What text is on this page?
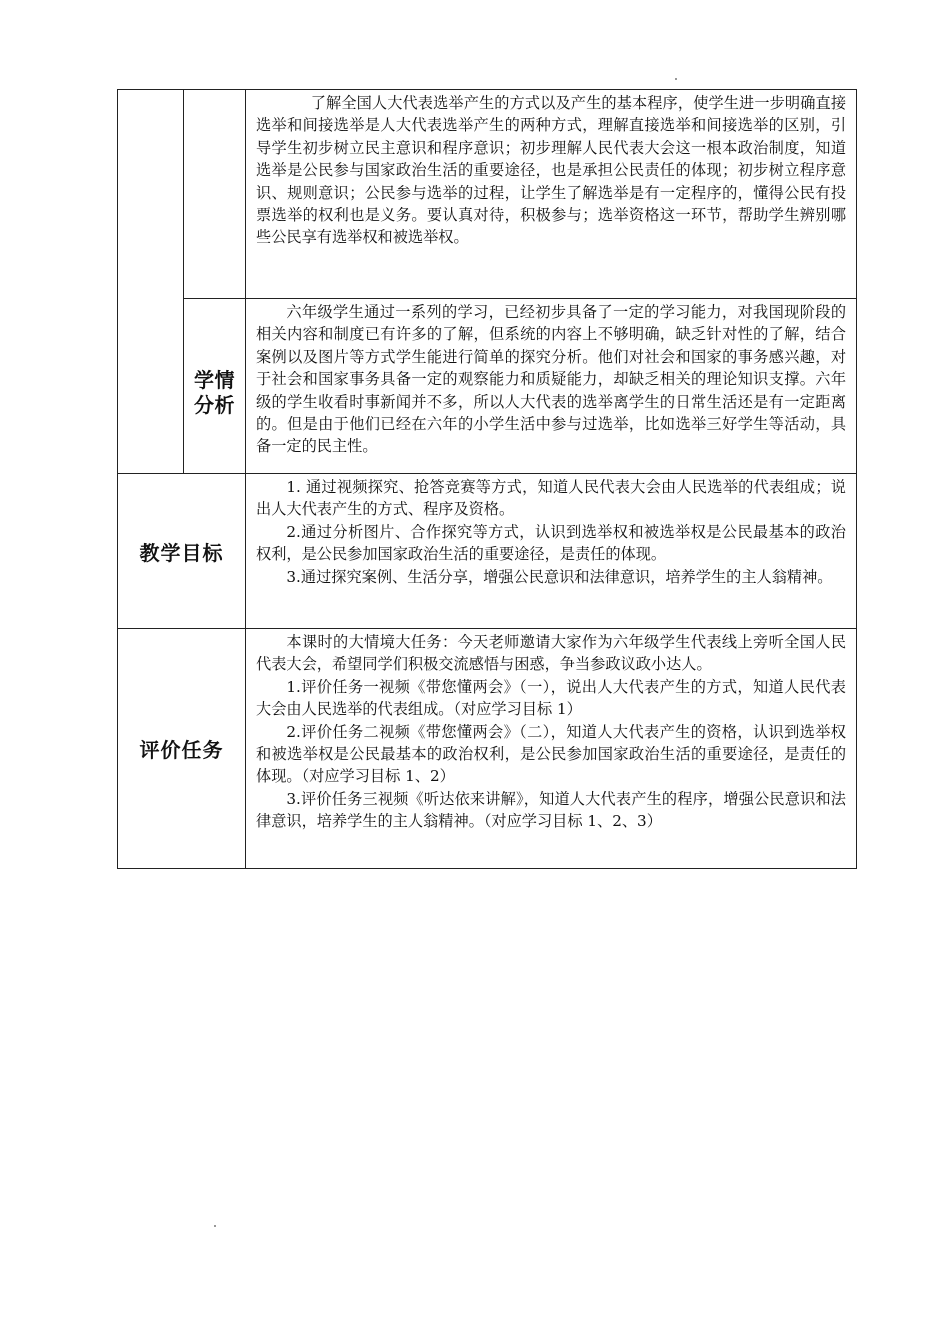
		了解全国人大代表选举产生的方式以及产生的基本程序，使学生进一步明确直接选举和间接选举是人大代表选举产生的两种方式，理解直接选举和间接选举的区别，引导学生初步树立民主意识和程序意识；初步理解人民代表大会这一根本政治制度，知道选举是公民参与国家政治生活的重要途径，也是承担公民责任的体现；初步树立程序意识、规则意识；公民参与选举的过程，让学生了解选举是有一定程序的，懂得公民有投票选举的权利也是义务。要认真对待，积极参与；选举资格这一环节，帮助学生辨别哪些公民享有选举权和被选举权。

	学情
分析	六年级学生通过一系列的学习，已经初步具备了一定的学习能力，对我国现阶段的相关内容和制度已有许多的了解，但系统的内容上不够明确，缺乏针对性的了解，结合案例以及图片等方式学生能进行简单的探究分析。他们对社会和国家的事务感兴趣，对于社会和国家事务具备一定的观察能力和质疑能力，却缺乏相关的理论知识支撑。六年级的学生收看时事新闻并不多，所以人大代表的选举离学生的日常生活还是有一定距离的。但是由于他们已经在六年的小学生活中参与过选举，比如选举三好学生等活动，具备一定的民主性。

教学目标		1. 通过视频探究、抢答竞赛等方式，知道人民代表大会由人民选举的代表组成；说出人大代表产生的方式、程序及资格。

2.通过分析图片、合作探究等方式，认识到选举权和被选举权是公民最基本的政治权利，是公民参加国家政治生活的重要途径，是责任的体现。

3.通过探究案例、生活分享，增强公民意识和法律意识，培养学生的主人翁精神。

评价任务		本课时的大情境大任务：今天老师邀请大家作为六年级学生代表线上旁听全国人民代表大会，希望同学们积极交流感悟与困惑，争当参政议政小达人。

1.评价任务一视频《带您懂两会》（一），说出人大代表产生的方式，知道人民代表大会由人民选举的代表组成。（对应学习目标 1）

2.评价任务二视频《带您懂两会》（二），知道人大代表产生的资格，认识到选举权和被选举权是公民最基本的政治权利，是公民参加国家政治生活的重要途径，是责任的体现。（对应学习目标 1、2）

3.评价任务三视频《听达依来讲解》，知道人大代表产生的程序，增强公民意识和法律意识，培养学生的主人翁精神。（对应学习目标 1、2、3）
